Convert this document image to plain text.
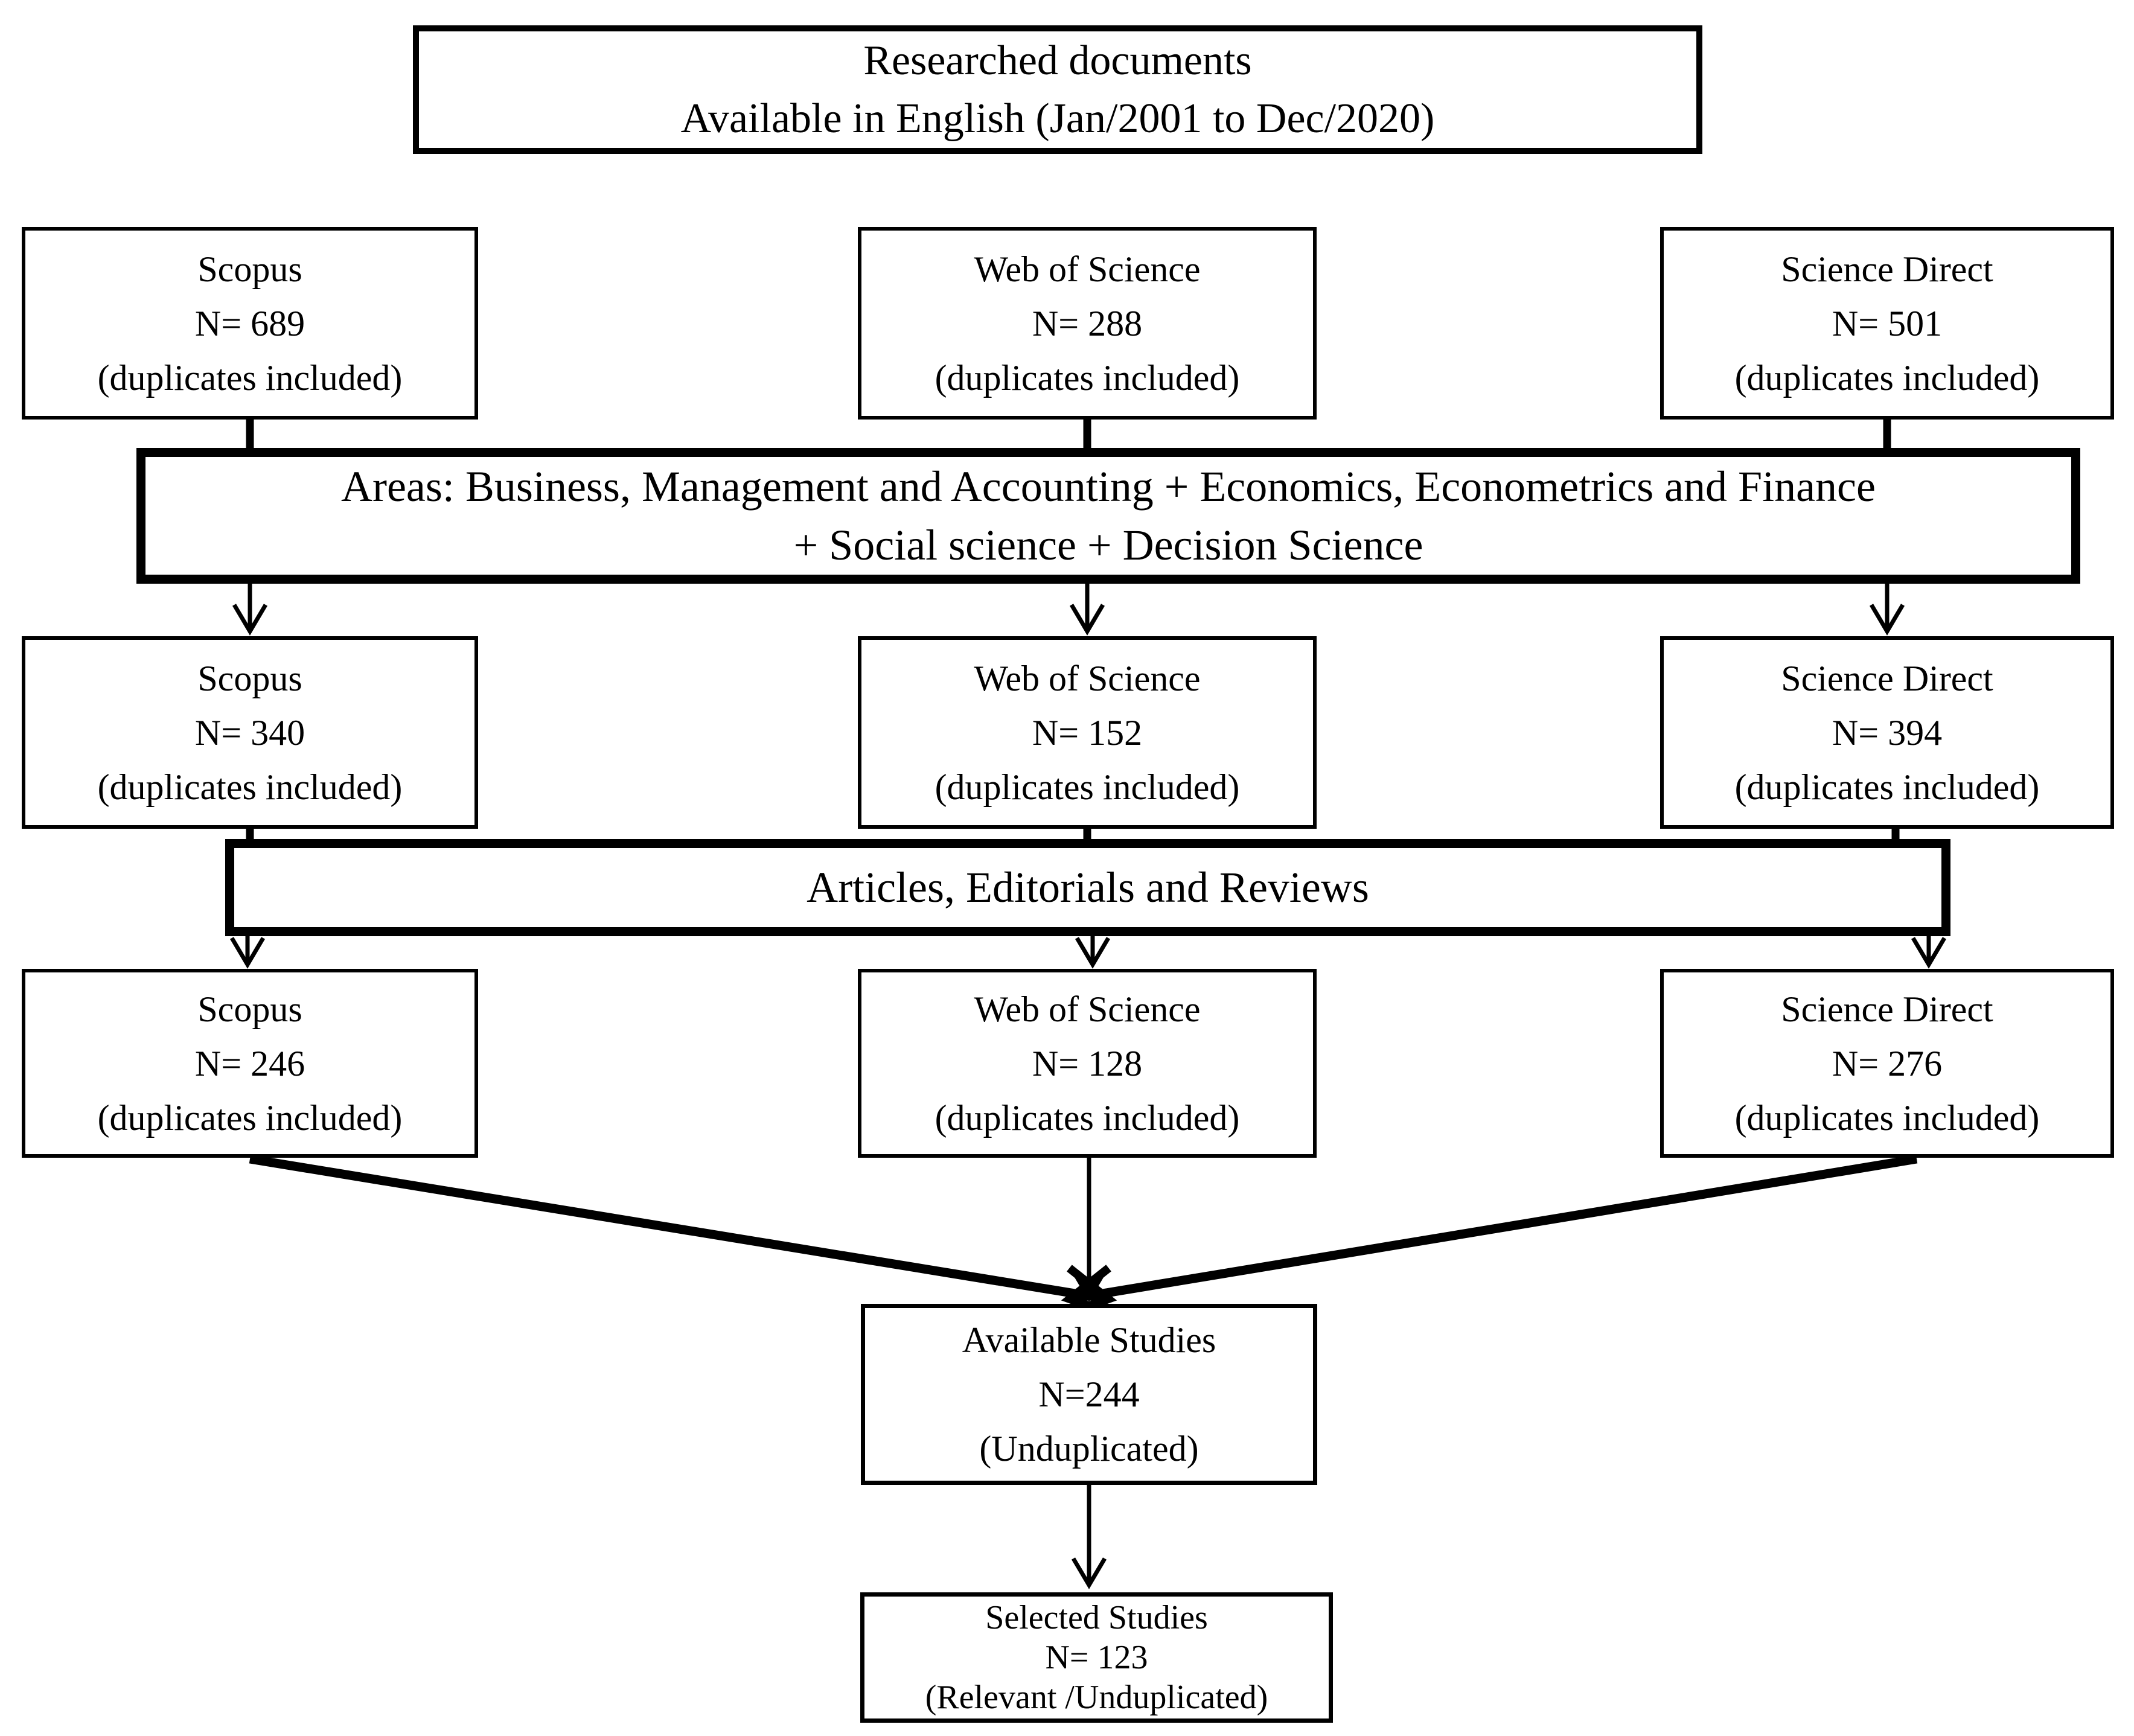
Researched documents
Available in English (Jan/2001 to Dec/2020)
Scopus
N= 689
(duplicates included)
Web of Science
N= 288
(duplicates included)
Science Direct
N= 501
(duplicates included)
Areas: Business, Management and Accounting + Economics, Econometrics and Finance
+ Social science + Decision Science
Scopus
N= 340
(duplicates included)
Web of Science
N= 152
(duplicates included)
Science Direct
N= 394
(duplicates included)
Articles, Editorials and Reviews
Scopus
N= 246
(duplicates included)
Web of Science
N= 128
(duplicates included)
Science Direct
N= 276
(duplicates included)
Available Studies
N=244
(Unduplicated)
Selected Studies
N= 123
(Relevant /Unduplicated)
